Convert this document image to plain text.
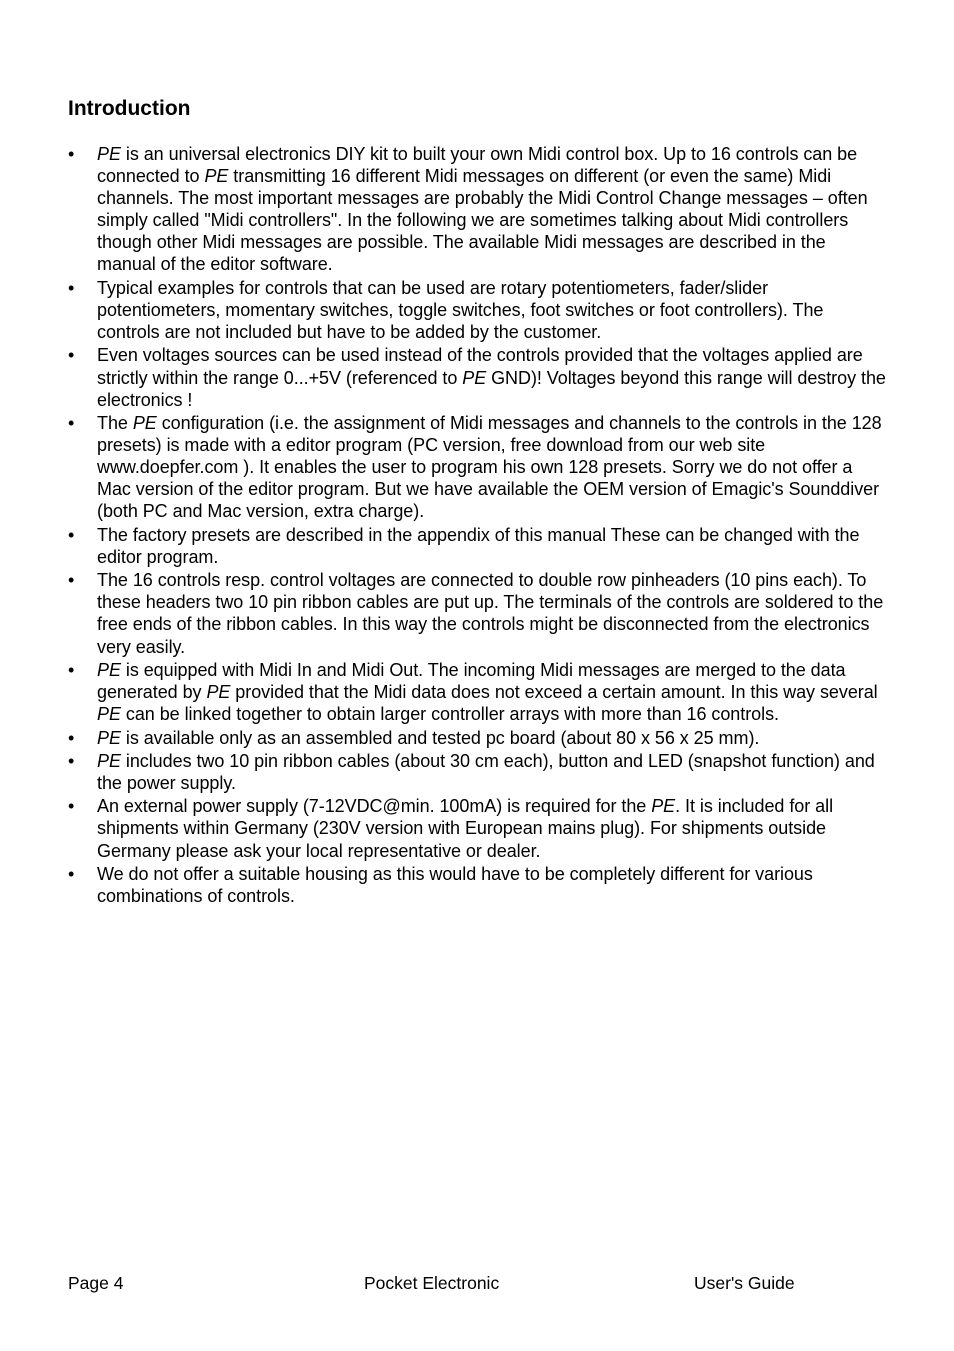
Introduction
•	PE is an universal electronics DIY kit to built your own Midi control box. Up to 16 controls can be connected to PE transmitting 16 different Midi messages on different (or even the same) Midi channels. The most important messages are probably the Midi Control Change messages – often simply called "Midi controllers". In the following we are sometimes talking about Midi controllers though other Midi messages are possible. The available Midi messages are described in the manual of the editor software.
•	Typical examples for controls that can be used are rotary potentiometers, fader/slider potentiometers, momentary switches, toggle switches, foot switches or foot controllers). The controls are not included but have to be added by the customer.
•	Even voltages sources can be used instead of the controls provided that the voltages applied are strictly within the range 0...+5V (referenced to PE GND)! Voltages beyond this range will destroy the electronics !
•	The PE configuration (i.e. the assignment of Midi messages and channels to the controls in the 128 presets) is made with a editor program (PC version, free download from our web site www.doepfer.com ). It enables the user to program his own 128 presets. Sorry we do not offer a Mac version of the editor program. But we have available the OEM version of Emagic's Sounddiver (both PC and Mac version, extra charge).
•	The factory presets are described in the appendix of this manual These can be changed with the editor program.
•	The 16 controls resp. control voltages are connected to double row pinheaders (10 pins each). To these headers two 10 pin ribbon cables are put up. The terminals of the controls are soldered to the free ends of the ribbon cables. In this way the controls might be disconnected from the electronics very easily.
•	PE is equipped with Midi In and Midi Out. The incoming Midi messages are merged to the data generated by PE provided that the Midi data does not exceed a certain amount. In this way several PE can be linked together to obtain larger controller arrays with more than 16 controls.
•	PE is available only as an assembled and tested pc board (about 80 x 56 x 25 mm).
•	PE includes two 10 pin ribbon cables (about 30 cm each), button and LED (snapshot function) and the power supply.
•	An external power supply (7-12VDC@min. 100mA) is required for the PE. It is included for all shipments within Germany (230V version with European mains plug). For shipments outside Germany please ask your local representative or dealer.
•	We do not offer a suitable housing as this would have to be completely different for various combinations of controls.
Page 4	Pocket Electronic	User's Guide
